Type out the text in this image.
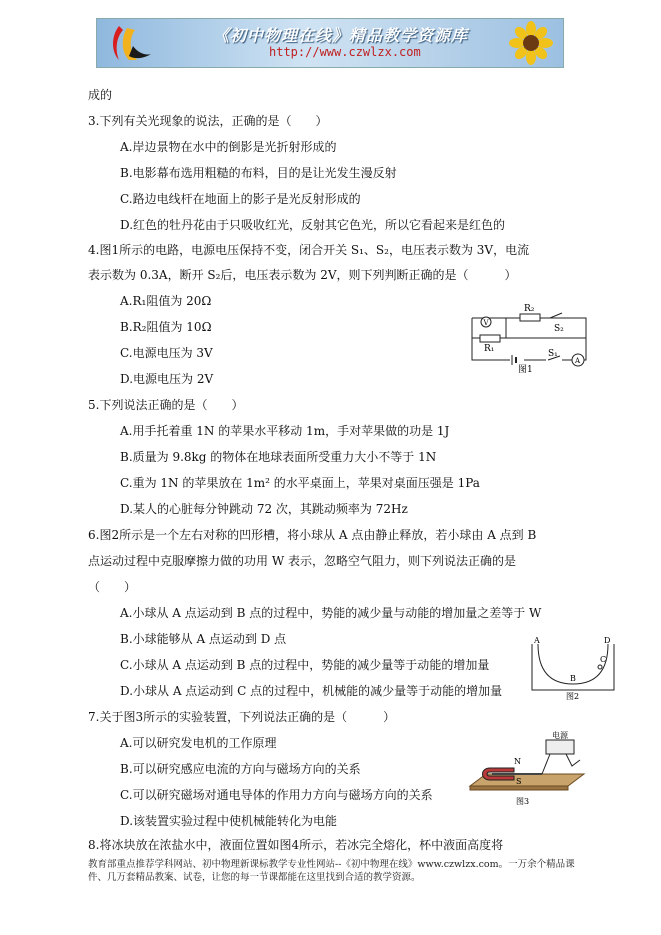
《初中物理在线》精品教学资源库
http://www.czwlzx.com
成的
3.下列有关光现象的说法，正确的是（　　）
A.岸边景物在水中的倒影是光折射形成的
B.电影幕布选用粗糙的布料，目的是让光发生漫反射
C.路边电线杆在地面上的影子是光反射形成的
D.红色的牡丹花由于只吸收红光，反射其它色光，所以它看起来是红色的
4.图1所示的电路，电源电压保持不变，闭合开关 S₁、S₂，电压表示数为 3V，电流
表示数为 0.3A，断开 S₂后，电压表示数为 2V，则下列判断正确的是（　　　）
A.R₁阻值为 20Ω
B.R₂阻值为 10Ω
C.电源电压为 3V
D.电源电压为 2V
5.下列说法正确的是（　　）
A.用手托着重 1N 的苹果水平移动 1m，手对苹果做的功是 1J
B.质量为 9.8kg 的物体在地球表面所受重力大小不等于 1N
C.重为 1N 的苹果放在 1m² 的水平桌面上，苹果对桌面压强是 1Pa
D.某人的心脏每分钟跳动 72 次，其跳动频率为 72Hz
6.图2所示是一个左右对称的凹形槽，将小球从 A 点由静止释放，若小球由 A 点到 B
点运动过程中克服摩擦力做的功用 W 表示，忽略空气阻力，则下列说法正确的是
（　　）
A.小球从 A 点运动到 B 点的过程中，势能的减少量与动能的增加量之差等于 W
B.小球能够从 A 点运动到 D 点
C.小球从 A 点运动到 B 点的过程中，势能的减少量等于动能的增加量
D.小球从 A 点运动到 C 点的过程中，机械能的减少量等于动能的增加量
7.关于图3所示的实验装置，下列说法正确的是（　　　）
A.可以研究发电机的工作原理
B.可以研究感应电流的方向与磁场方向的关系
C.可以研究磁场对通电导体的作用力方向与磁场方向的关系
D.该装置实验过程中使机械能转化为电能
8.将冰块放在浓盐水中，液面位置如图4所示，若冰完全熔化，杯中液面高度将
V
R₂
S₂
R₁	S₁
A
图1
A	D
B
C
图2
电源
N
S
图3
教育部重点推荐学科网站、初中物理新课标教学专业性网站--《初中物理在线》www.czwlzx.com。一万余个精品课件、几万套精品教案、试卷，让您的每一节课都能在这里找到合适的教学资源。
